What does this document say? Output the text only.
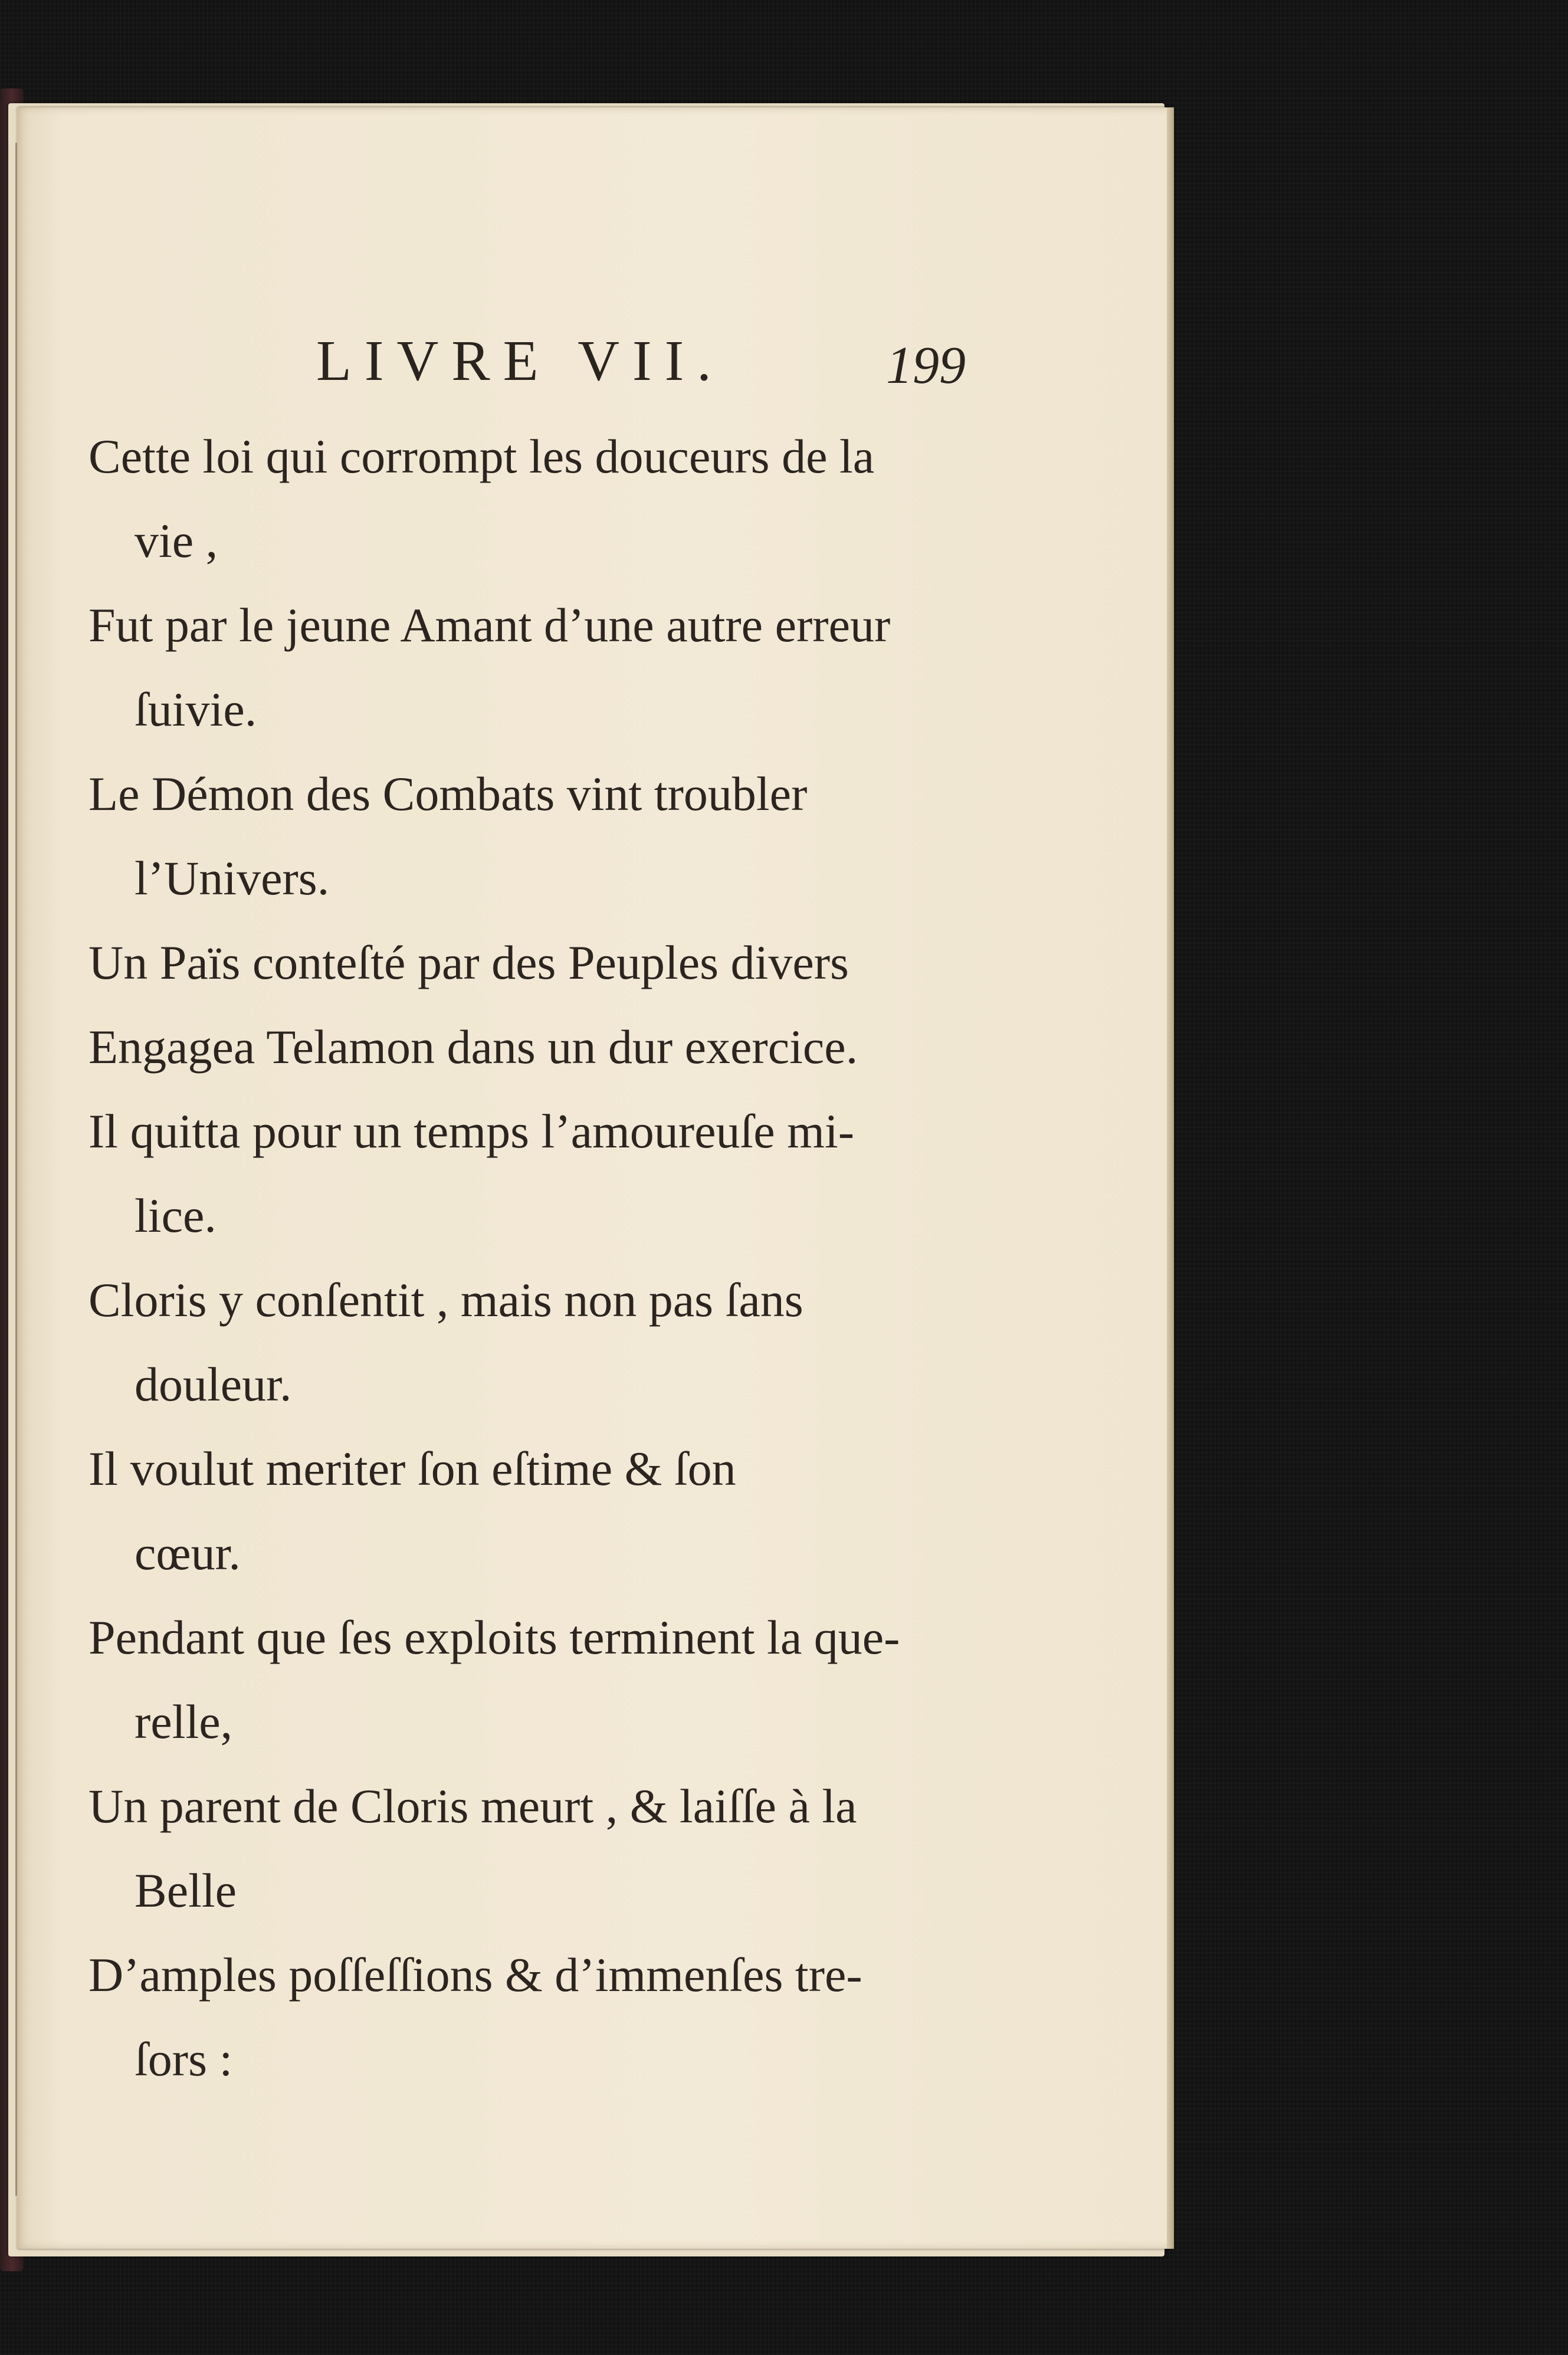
LIVRE VII.	199
Cette loi qui corrompt les douceurs de la
vie ,
Fut par le jeune Amant d’une autre erreur
ſuivie.
Le Démon des Combats vint troubler
l’Univers.
Un Païs conteſté par des Peuples divers
Engagea Telamon dans un dur exercice.
Il quitta pour un temps l’amoureuſe mi-
lice.
Cloris y conſentit , mais non pas ſans
douleur.
Il voulut meriter ſon eſtime & ſon
cœur.
Pendant que ſes exploits terminent la que-
relle,
Un parent de Cloris meurt , & laiſſe à la
Belle
D’amples poſſeſſions & d’immenſes tre-
ſors :
